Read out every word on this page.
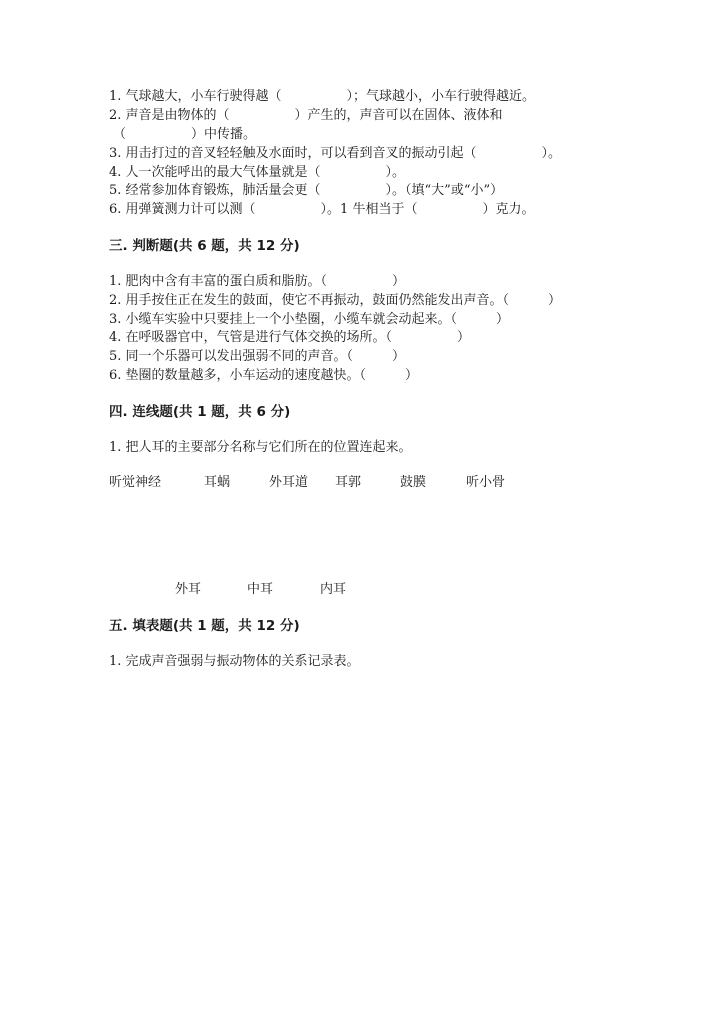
1. 气球越大，小车行驶得越（　　　　　）；气球越小，小车行驶得越近。
2. 声音是由物体的（　　　　　）产生的，声音可以在固体、液体和
（　　　　　）中传播。
3. 用击打过的音叉轻轻触及水面时，可以看到音叉的振动引起（　　　　　）。
4. 人一次能呼出的最大气体量就是（　　　　　）。
5. 经常参加体育锻炼，肺活量会更（　　　　　）。（填“大”或“小”）
6. 用弹簧测力计可以测（　　　　　）。1 牛相当于（　　　　　）克力。
三. 判断题(共 6 题，共 12 分)
1. 肥肉中含有丰富的蛋白质和脂肪。（　　　　　）
2. 用手按住正在发生的鼓面，使它不再振动，鼓面仍然能发出声音。（　　　）
3. 小缆车实验中只要挂上一个小垫圈，小缆车就会动起来。（　　　）
4. 在呼吸器官中，气管是进行气体交换的场所。（　　　　　）
5. 同一个乐器可以发出强弱不同的声音。（　　　）
6. 垫圈的数量越多，小车运动的速度越快。（　　　）
四. 连线题(共 1 题，共 6 分)
1. 把人耳的主要部分名称与它们所在的位置连起来。
听觉神经	耳蜗	外耳道 耳郭	鼓膜	听小骨
外耳	中耳	内耳
五. 填表题(共 1 题，共 12 分)
1. 完成声音强弱与振动物体的关系记录表。
